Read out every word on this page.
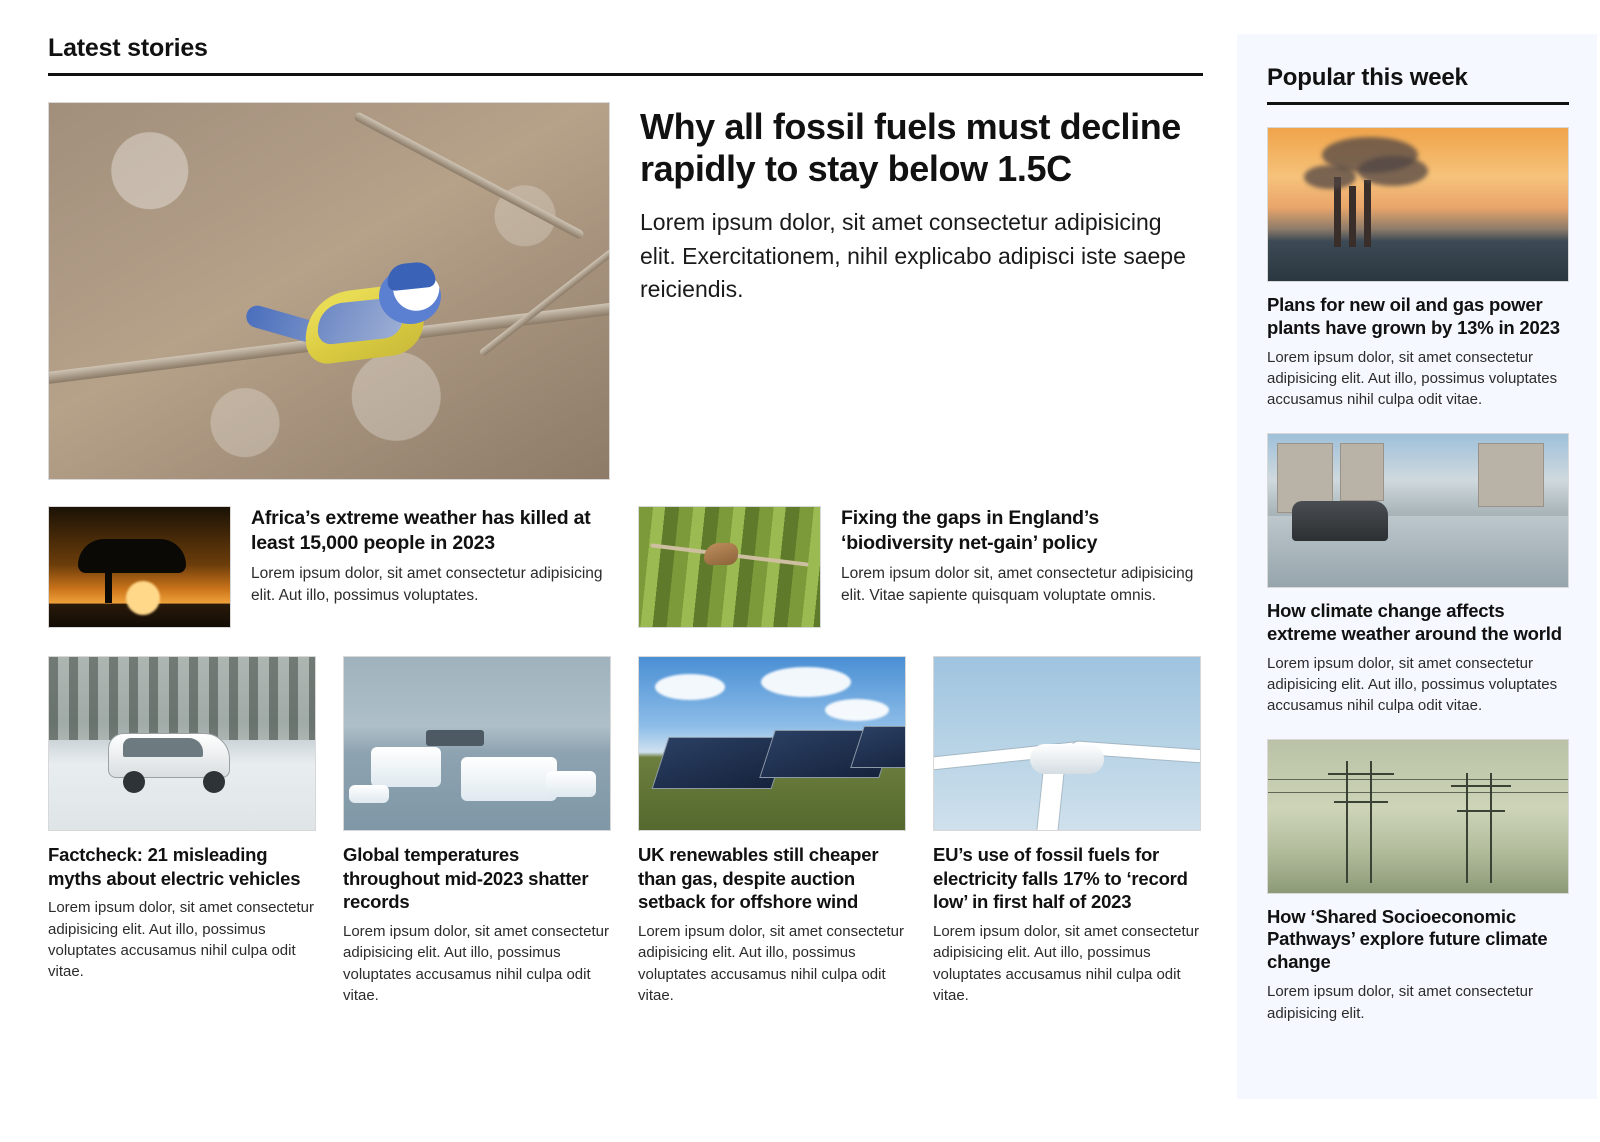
Latest stories
Why all fossil fuels must decline rapidly to stay below 1.5C

Lorem ipsum dolor, sit amet consectetur adipisicing elit. Exercitationem, nihil explicabo adipisci iste saepe reiciendis.

Africa’s extreme weather has killed at least 15,000 people in 2023

Lorem ipsum dolor, sit amet consectetur adipisicing elit. Aut illo, possimus voluptates.

Fixing the gaps in England’s ‘biodiversity net-gain’ policy

Lorem ipsum dolor sit, amet consectetur adipisicing elit. Vitae sapiente quisquam voluptate omnis.

Factcheck: 21 misleading myths about electric vehicles

Lorem ipsum dolor, sit amet consectetur adipisicing elit. Aut illo, possimus voluptates accusamus nihil culpa odit vitae.

Global temperatures throughout mid-2023 shatter records

Lorem ipsum dolor, sit amet consectetur adipisicing elit. Aut illo, possimus voluptates accusamus nihil culpa odit vitae.

UK renewables still cheaper than gas, despite auction setback for offshore wind

Lorem ipsum dolor, sit amet consectetur adipisicing elit. Aut illo, possimus voluptates accusamus nihil culpa odit vitae.

EU’s use of fossil fuels for electricity falls 17% to ‘record low’ in first half of 2023

Lorem ipsum dolor, sit amet consectetur adipisicing elit. Aut illo, possimus voluptates accusamus nihil culpa odit vitae.

Popular this week
Plans for new oil and gas power plants have grown by 13% in 2023

Lorem ipsum dolor, sit amet consectetur adipisicing elit. Aut illo, possimus voluptates accusamus nihil culpa odit vitae.

How climate change affects extreme weather around the world

Lorem ipsum dolor, sit amet consectetur adipisicing elit. Aut illo, possimus voluptates accusamus nihil culpa odit vitae.

How ‘Shared Socioeconomic Pathways’ explore future climate change

Lorem ipsum dolor, sit amet consectetur adipisicing elit.
